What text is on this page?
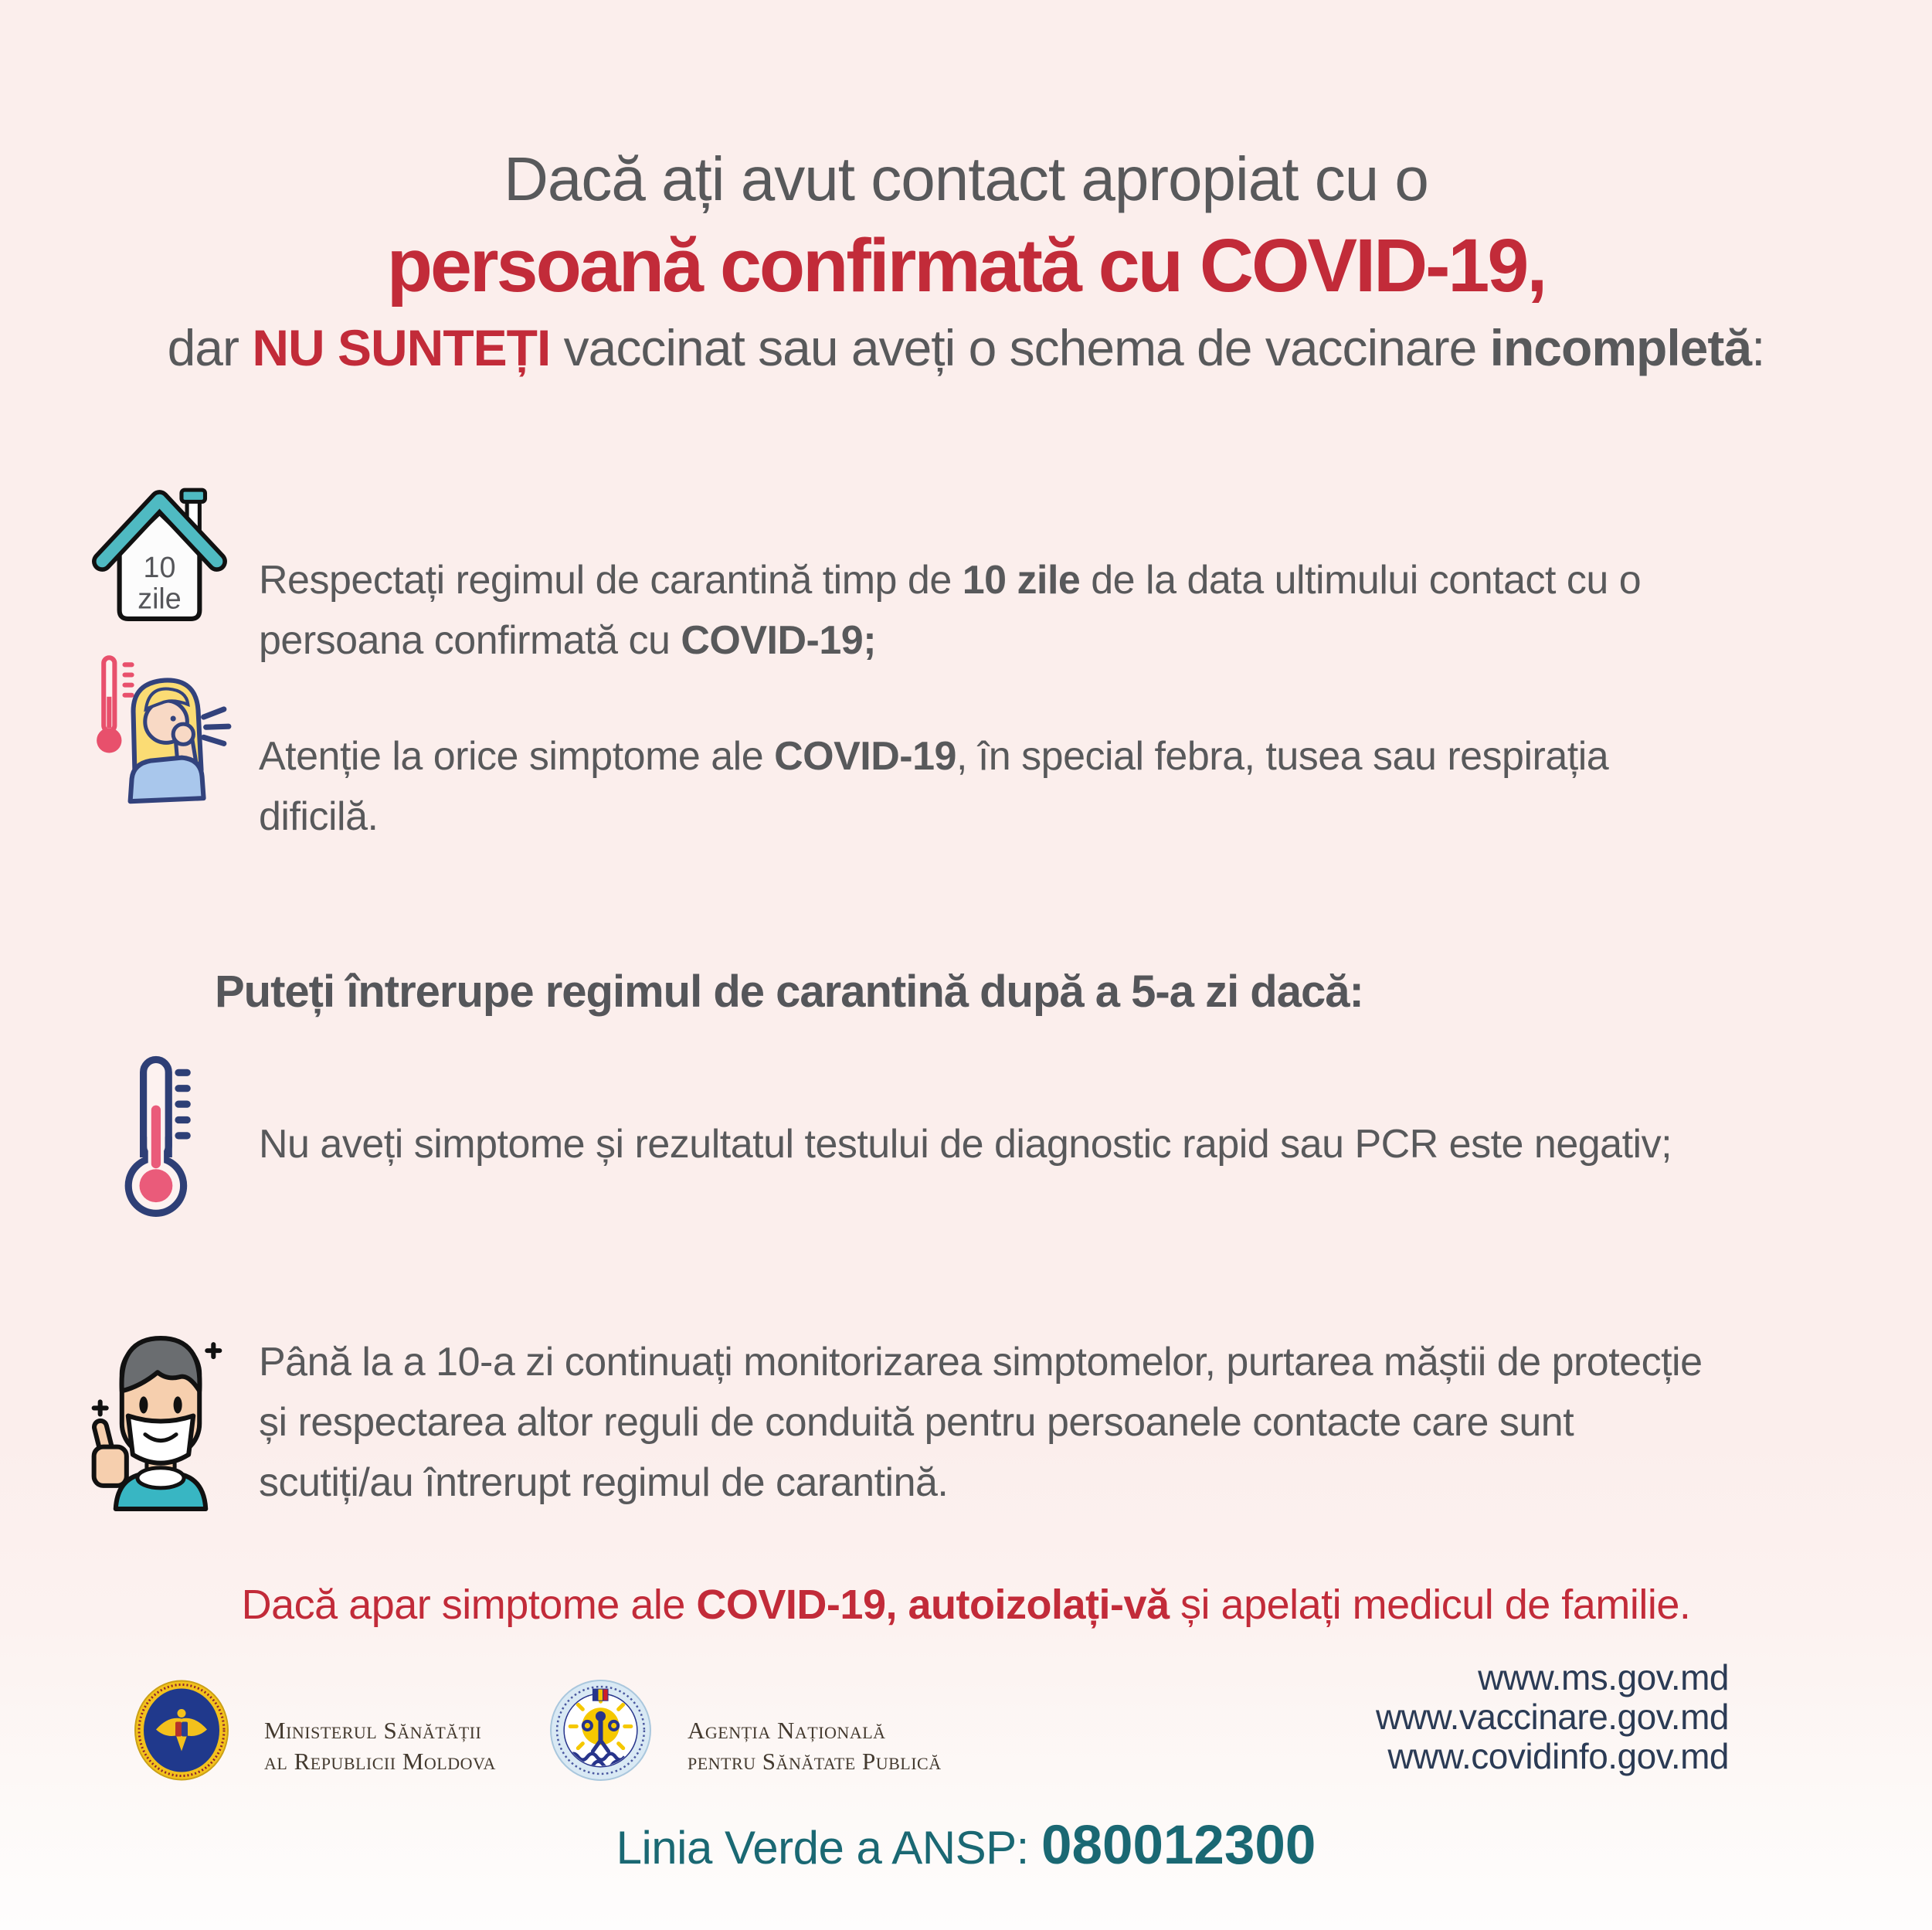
Dacă ați avut contact apropiat cu o
persoană confirmată cu COVID-19,
dar NU SUNTEȚI vaccinat sau aveți o schema de vaccinare incompletă:
10
zile Respectați regimul de carantină timp de 10 zile de la data ultimului contact cu o persoana confirmată cu COVID-19;

Atenție la orice simptome ale COVID-19, în special febra, tusea sau respirația dificilă.

Puteți întrerupe regimul de carantină după a 5-a zi dacă:

Nu aveți simptome și rezultatul testului de diagnostic rapid sau PCR este negativ;

Până la a 10-a zi continuați monitorizarea simptomelor, purtarea măștii de protecție și respectarea altor reguli de conduită pentru persoanele contacte care sunt scutiți/au întrerupt regimul de carantină.

Dacă apar simptome ale COVID-19, autoizolați-vă și apelați medicul de familie.

Ministerul Sănătății
al Republicii Moldova
Agenția Națională
pentru Sănătate Publică
www.ms.gov.md
www.vaccinare.gov.md
www.covidinfo.gov.md
Linia Verde a ANSP: 080012300
